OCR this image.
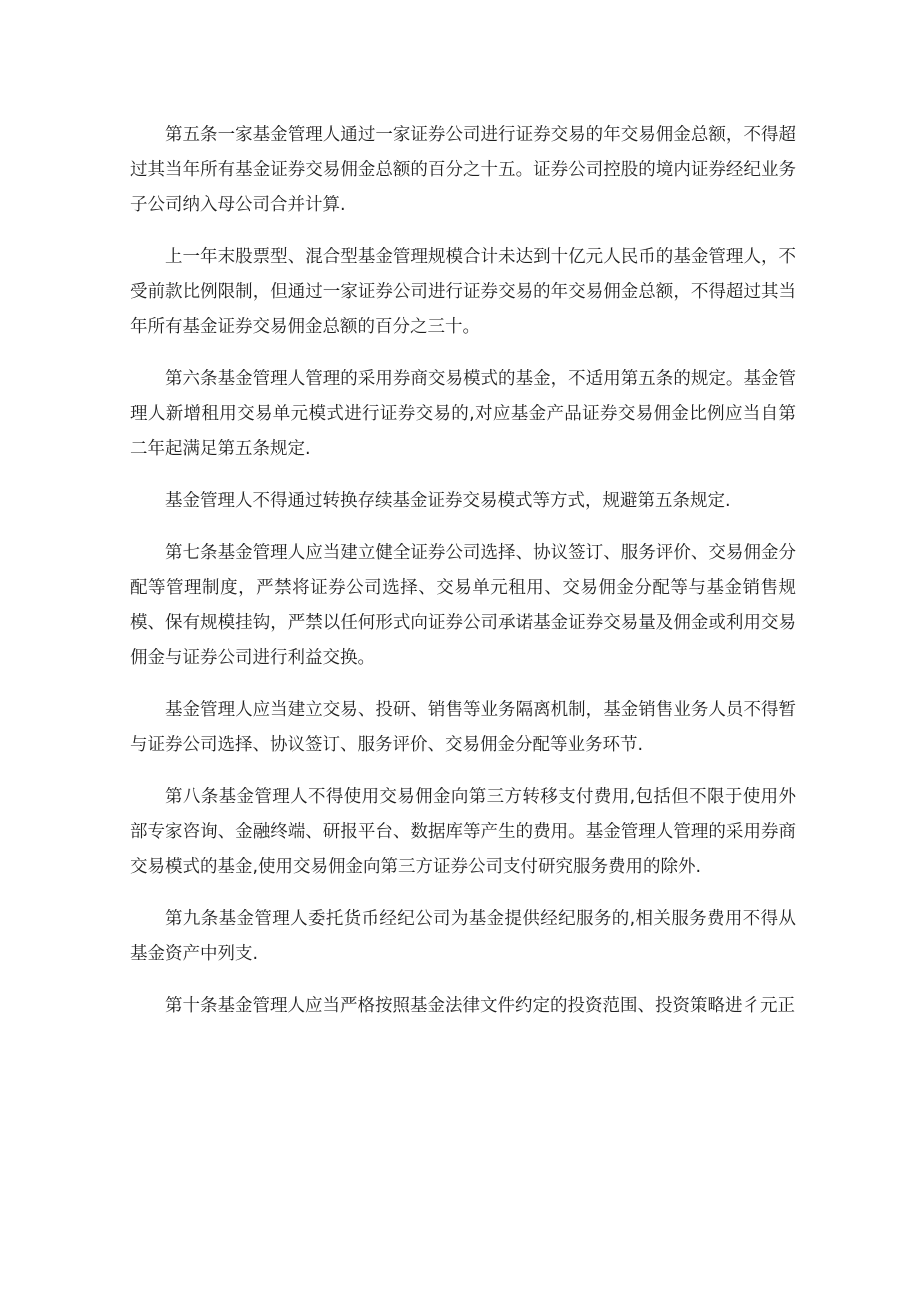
第五条一家基金管理人通过一家证券公司进行证券交易的年交易佣金总额，不得超过其当年所有基金证券交易佣金总额的百分之十五。证券公司控股的境内证券经纪业务子公司纳入母公司合并计算.

上一年末股票型、混合型基金管理规模合计未达到十亿元人民币的基金管理人，不受前款比例限制，但通过一家证券公司进行证券交易的年交易佣金总额，不得超过其当年所有基金证券交易佣金总额的百分之三十。

第六条基金管理人管理的采用券商交易模式的基金，不适用第五条的规定。基金管理人新增租用交易单元模式进行证券交易的,对应基金产品证券交易佣金比例应当自第二年起满足第五条规定.

基金管理人不得通过转换存续基金证券交易模式等方式，规避第五条规定.

第七条基金管理人应当建立健全证券公司选择、协议签订、服务评价、交易佣金分配等管理制度，严禁将证券公司选择、交易单元租用、交易佣金分配等与基金销售规模、保有规模挂钩，严禁以任何形式向证券公司承诺基金证券交易量及佣金或利用交易佣金与证券公司进行利益交换。

基金管理人应当建立交易、投研、销售等业务隔离机制，基金销售业务人员不得暂与证券公司选择、协议签订、服务评价、交易佣金分配等业务环节.

第八条基金管理人不得使用交易佣金向第三方转移支付费用,包括但不限于使用外部专家咨询、金融终端、研报平台、数据库等产生的费用。基金管理人管理的采用券商交易模式的基金,使用交易佣金向第三方证券公司支付研究服务费用的除外.

第九条基金管理人委托货币经纪公司为基金提供经纪服务的,相关服务费用不得从基金资产中列支.

第十条基金管理人应当严格按照基金法律文件约定的投资范围、投资策略进彳元正
